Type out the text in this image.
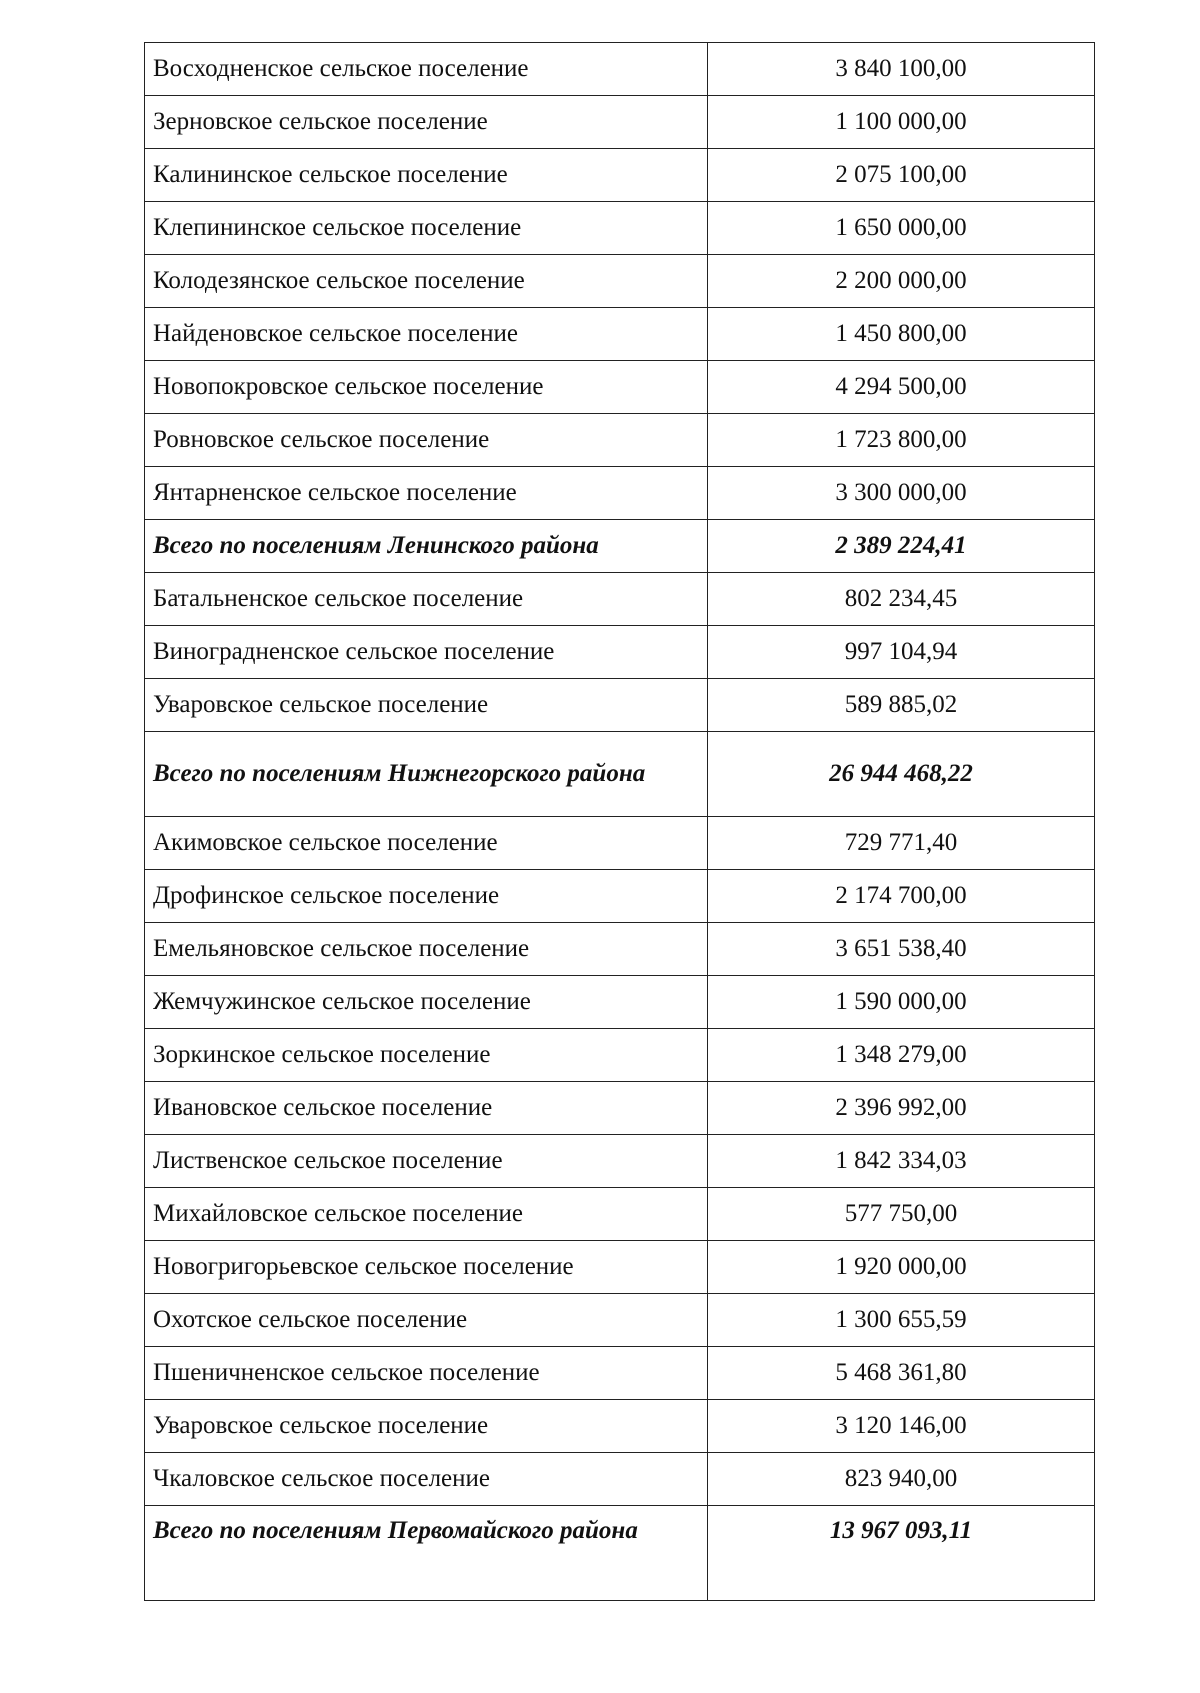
Восходненское сельское поселение	3 840 100,00
Зерновское сельское поселение	1 100 000,00
Калининское сельское поселение	2 075 100,00
Клепининское сельское поселение	1 650 000,00
Колодезянское сельское поселение	2 200 000,00
Найденовское сельское поселение	1 450 800,00
Новопокровское сельское поселение	4 294 500,00
Ровновское сельское поселение	1 723 800,00
Янтарненское сельское поселение	3 300 000,00
Всего по поселениям Ленинского района	2 389 224,41
Батальненское сельское поселение	802 234,45
Виноградненское сельское поселение	997 104,94
Уваровское сельское поселение	589 885,02
Всего по поселениям Нижнегорского района	26 944 468,22
Акимовское сельское поселение	729 771,40
Дрофинское сельское поселение	2 174 700,00
Емельяновское сельское поселение	3 651 538,40
Жемчужинское сельское поселение	1 590 000,00
Зоркинское сельское поселение	1 348 279,00
Ивановское сельское поселение	2 396 992,00
Лиственское сельское поселение	1 842 334,03
Михайловское сельское поселение	577 750,00
Новогригорьевское сельское поселение	1 920 000,00
Охотское сельское поселение	1 300 655,59
Пшеничненское сельское поселение	5 468 361,80
Уваровское сельское поселение	3 120 146,00
Чкаловское сельское поселение	823 940,00
Всего по поселениям Первомайского района	13 967 093,11
